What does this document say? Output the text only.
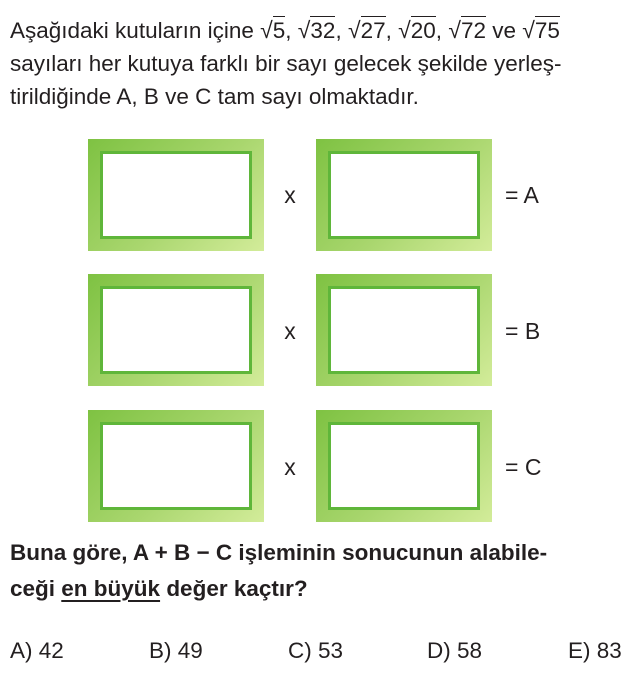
Aşağıdaki kutuların içine √5, √32, √27, √20, √72 ve √75
sayıları her kutuya farklı bir sayı gelecek şekilde yerleş-
tirildiğinde A, B ve C tam sayı olmaktadır.
x	= A
x	= B
x	= C
Buna göre, A + B − C işleminin sonucunun alabile-
ceği en büyük değer kaçtır?
A) 42	B) 49	C) 53	D) 58	E) 83
